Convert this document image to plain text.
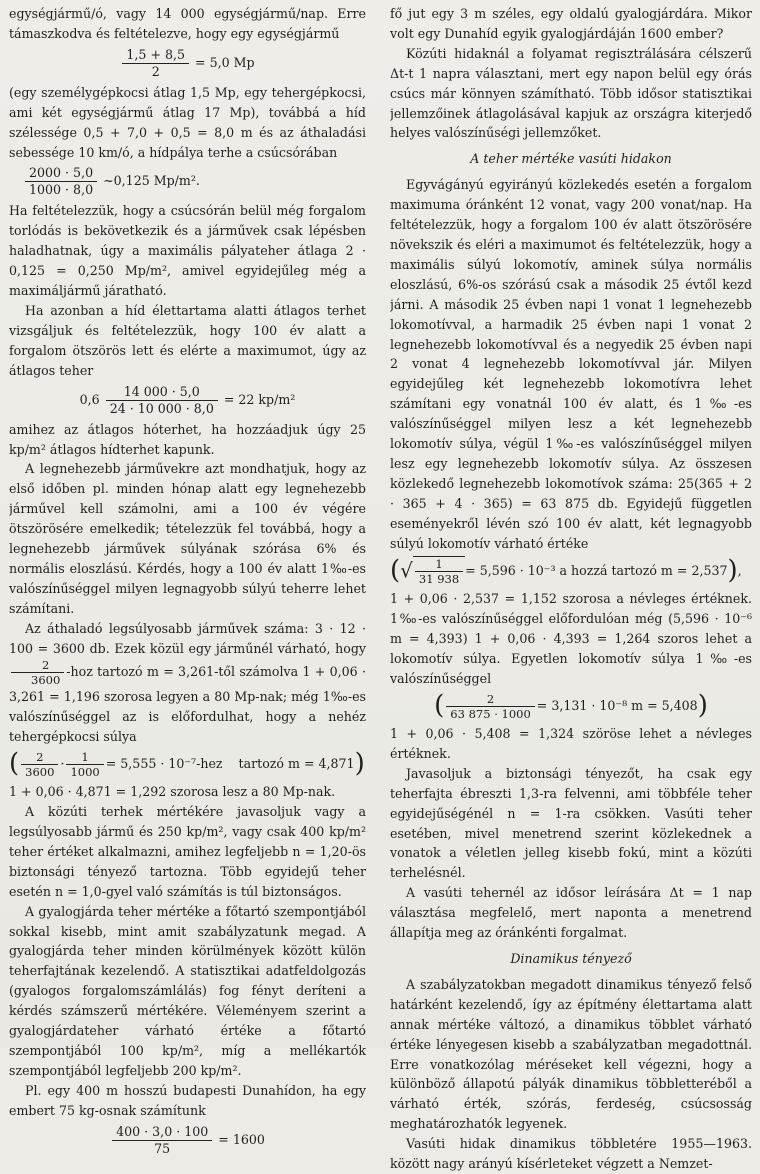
egységjármű/ó, vagy 14 000 egységjármű/nap. Erre támaszkodva és feltételezve, hogy egy egységjármű

$\frac{1,5 + 8,5}{2} = 5,0$ Mp

(egy személygépkocsi átlag 1,5 Mp, egy tehergépkocsi, ami két egységjármű átlag 17 Mp), továbbá a híd szélessége 0,5 + 7,0 + 0,5 = 8,0 m és az áthaladási sebessége 10 km/ó, a hídpálya terhe a csúcsórában

$\frac{2000 \cdot 5,0}{1000 \cdot 8,0}$ ~0,125 Mp/m².

Ha feltételezzük, hogy a csúcsórán belül még forgalom torlódás is bekövetkezik és a járművek csak lépésben haladhatnak, úgy a maximális pályateher átlaga 2 · 0,125 = 0,250 Mp/m², amivel egyidejűleg még a maximáljármű járatható.

Ha azonban a híd élettartama alatti átlagos terhet vizsgáljuk és feltételezzük, hogy 100 év alatt a forgalom ötszörös lett és elérte a maximumot, úgy az átlagos teher

$0,6 \frac{14 000 \cdot 5,0}{24 \cdot 10 000 \cdot 8,0} = 22$ kp/m²

amihez az átlagos hóterhet, ha hozzáadjuk úgy 25 kp/m² átlagos hídterhet kapunk.

A legnehezebb járművekre azt mondhatjuk, hogy az első időben pl. minden hónap alatt egy legnehezebb járművel kell számolni, ami a 100 év végére ötszörösére emelkedik; tételezzük fel továbbá, hogy a legnehezebb járművek súlyának szórása 6% és normális eloszlású. Kérdés, hogy a 100 év alatt 1‰-es valószínűséggel milyen legnagyobb súlyú teherre lehet számítani.

Az áthaladó legsúlyosabb járművek száma: 3 · 12 · 100 = 3600 db. Ezek közül egy járműnél várható, hogy
$\frac{2}{3600} -hoz$ tartozó m = 3,261-től számolva 1 + 0,06 · 3,261 = 1,196 szorosa legyen a 80 Mp-nak; még 1‰-es valószínűséggel az is előfordulhat, hogy a nehéz tehergépkocsi súlya

( $\frac{2}{3600} \cdot \frac{1}{1000} = 5,555 \cdot 10^{-7}-hez$ tartozó m = 4,871)

1 + 0,06 · 4,871 = 1,292 szorosa lesz a 80 Mp-nak.

A közúti terhek mértékére javasoljuk vagy a legsúlyosabb jármű és 250 kp/m², vagy csak 400 kp/m² teher értéket alkalmazni, amihez legfeljebb n = 1,20-ös biztonsági tényező tartozna. Több egyidejű teher esetén n = 1,0-gyel való számítás is túl biztonságos.

A gyalogjárda teher mértéke a főtartó szempontjából sokkal kisebb, mint amit szabályzatunk megad. A gyalogjárda teher minden körülmények között külön teherfajtának kezelendő. A statisztikai adatfeldolgozás (gyalogos forgalomszámlálás) fog fényt deríteni a kérdés számszerű mértékére. Véleményem szerint a gyalogjárdateher várható értéke a főtartó szempontjából 100 kp/m², míg a mellékartók szempontjából legfeljebb 200 kp/m².

Pl. egy 400 m hosszú budapesti Dunahídon, ha egy embert 75 kg-osnak számítunk

$\frac{400 \cdot 3,0 \cdot 100}{75} = 1600$

fő jut egy 3 m széles, egy oldalú gyalogjárdára. Mikor volt egy Dunahíd egyik gyalogjárdáján 1600 ember?

Közúti hidaknál a folyamat regisztrálására célszerű Δt-t 1 napra választani, mert egy napon belül egy órás csúcs már könnyen számítható. Több idősor statisztikai jellemzőinek átlagolásával kapjuk az országra kiterjedő helyes valószínűségi jellemzőket.

A teher mértéke vasúti hidakon

Egyvágányú egyirányú közlekedés esetén a forgalom maximuma óránként 12 vonat, vagy 200 vonat/nap. Ha feltételezzük, hogy a forgalom 100 év alatt ötszörösére növekszik és eléri a maximumot és feltételezzük, hogy a maximális súlyú lokomotív, aminek súlya normális eloszlású, 6%-os szórású csak a második 25 évtől kezd járni. A második 25 évben napi 1 vonat 1 legnehezebb lokomotívval, a harmadik 25 évben napi 1 vonat 2 legnehezebb lokomotívval és a negyedik 25 évben napi 2 vonat 4 legnehezebb lokomotívval jár. Milyen egyidejűleg két legnehezebb lokomotívra lehet számítani egy vonatnál 100 év alatt, és 1‰-es valószínűséggel milyen lesz a két legnehezebb lokomotív súlya, végül 1‰-es valószínűséggel milyen lesz egy legnehezebb lokomotív súlya. Az összesen közlekedő legnehezebb lokomotívok száma: 25(365 + 2 · 365 + 4 · 365) = 63 875 db. Egyidejű független eseményekről lévén szó 100 év alatt, két legnagyobb súlyú lokomotív várható értéke

(√ $\frac{1}{31 938} = 5,596 \cdot 10^{-3}$ a hozzá tartozó m = 2,537),

1 + 0,06 · 2,537 = 1,152 szorosa a névleges értéknek. 1‰-es valószínűséggel előfordulóan még (5,596 · 10⁻⁶ m = 4,393) 1 + 0,06 · 4,393 = 1,264 szoros lehet a lokomotív súlya. Egyetlen lokomotív súlya 1‰-es valószínűséggel

( $\frac{2}{63 875 \cdot 1000} = 3,131 \cdot 10^{-8}$ m = 5,408)

1 + 0,06 · 5,408 = 1,324 szöröse lehet a névleges értéknek.

Javasoljuk a biztonsági tényezőt, ha csak egy teherfajta ébreszti 1,3-ra felvenni, ami többféle teher egyidejűségénél n = 1-ra csökken. Vasúti teher esetében, mivel menetrend szerint közlekednek a vonatok a véletlen jelleg kisebb fokú, mint a közúti terhelésnél.

A vasúti tehernél az idősor leírására Δt = 1 nap választása megfelelő, mert naponta a menetrend állapítja meg az óránkénti forgalmat.

Dinamikus tényező

A szabályzatokban megadott dinamikus tényező felső határként kezelendő, így az építmény élettartama alatt annak mértéke változó, a dinamikus többlet várható értéke lényegesen kisebb a szabályzatban megadottnál. Erre vonatkozólag méréseket kell végezni, hogy a különböző állapotú pályák dinamikus többletteréből a várható érték, szórás, ferdeség, csúcsosság meghatározhatók legyenek.

Vasúti hidak dinamikus többletére 1955—1963. között nagy arányú kísérleteket végzett a Nemzet-
